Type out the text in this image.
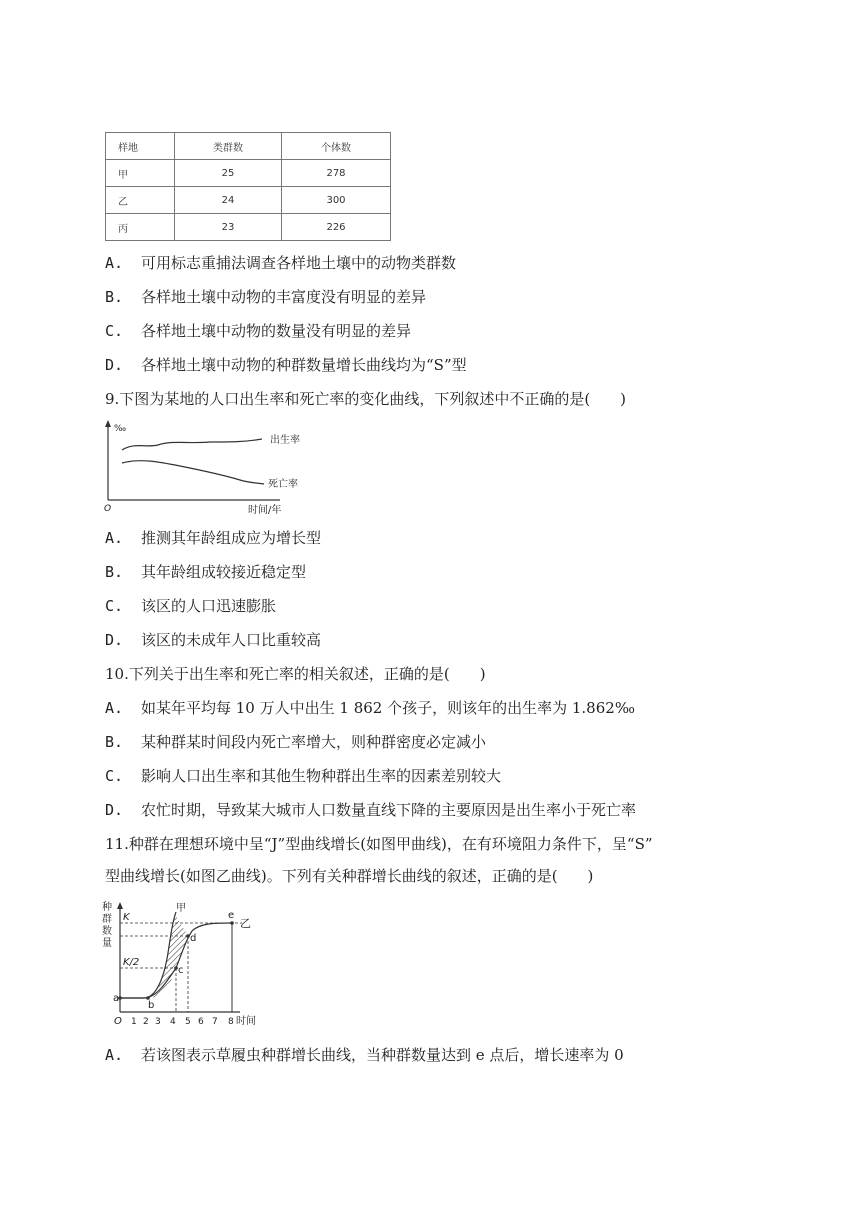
样地	类群数	个体数
甲	25	278
乙	24	300
丙	23	226
A. 可用标志重捕法调查各样地土壤中的动物类群数
B. 各样地土壤中动物的丰富度没有明显的差异
C. 各样地土壤中动物的数量没有明显的差异
D. 各样地土壤中动物的种群数量增长曲线均为“S”型
9.下图为某地的人口出生率和死亡率的变化曲线，下列叙述中不正确的是(　　)
‰
O	时间/年
出生率
死亡率
A. 推测其年龄组成应为增长型
B. 其年龄组成较接近稳定型
C. 该区的人口迅速膨胀
D. 该区的未成年人口比重较高
10.下列关于出生率和死亡率的相关叙述，正确的是(　　)
A. 如某年平均每 10 万人中出生 1 862 个孩子，则该年的出生率为 1.862‰
B. 某种群某时间段内死亡率增大，则种群密度必定减小
C. 影响人口出生率和其他生物种群出生率的因素差别较大
D. 农忙时期，导致某大城市人口数量直线下降的主要原因是出生率小于死亡率
11.种群在理想环境中呈“J”型曲线增长(如图甲曲线)，在有环境阻力条件下，呈“S”
型曲线增长(如图乙曲线)。下列有关种群增长曲线的叙述，正确的是(　　)
种
群
数
量
K
K/2
a
b
c
d
e
甲
乙
O 1 2 3 4 5 6 7 8 时间
A. 若该图表示草履虫种群增长曲线，当种群数量达到 e 点后，增长速率为 0
